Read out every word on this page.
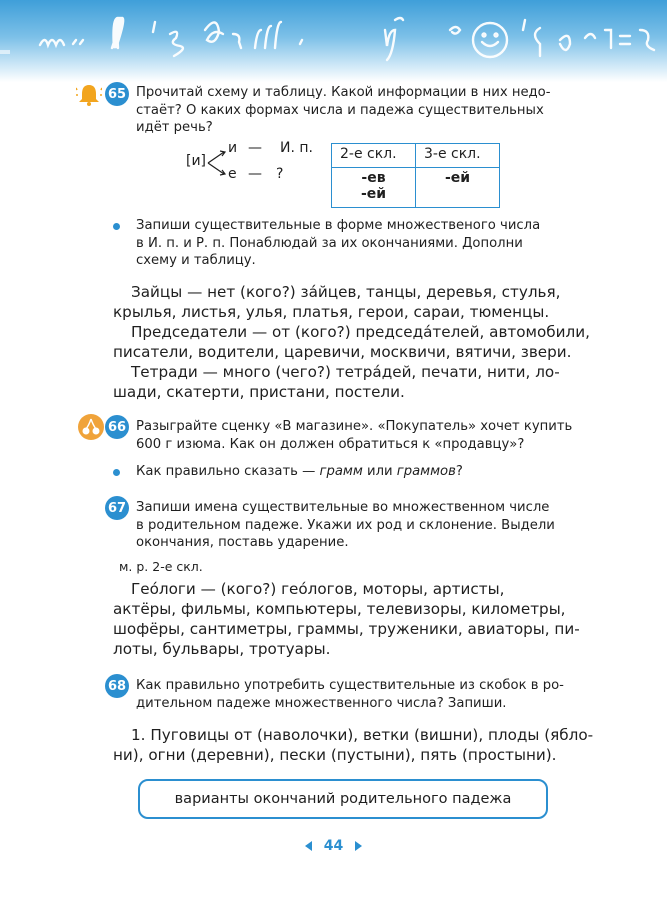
65 Прочитай схему и таблицу. Какой информации в них недо-
стаёт? О каких формах числа и падежа существительных
идёт речь?
[и]
и — И. п.
е — ?
2-е скл.	3-е скл.

-ев
-ей	-ей
Запиши существительные в форме множественого числа
в И. п. и Р. п. Понаблюдай за их окончаниями. Дополни
схему и таблицу.
Зайцы — нет (кого?) за́йцев, танцы, деревья, стулья,
крылья, листья, улья, платья, герои, сараи, тюменцы.
Председатели — от (кого?) председа́телей, автомобили,
писатели, водители, царевичи, москвичи, вятичи, звери.
Тетради — много (чего?) тетра́дей, печати, нити, ло-
шади, скатерти, пристани, постели.
66 Разыграйте сценку «В магазине». «Покупатель» хочет купить
600 г изюма. Как он должен обратиться к «продавцу»?
Как правильно сказать — грамм или граммов?
67 Запиши имена существительные во множественном числе
в родительном падеже. Укажи их род и склонение. Выдели
окончания, поставь ударение.
м. р. 2-е скл.
Гео́логи — (кого?) гео́логов, моторы, артисты,
актёры, фильмы, компьютеры, телевизоры, километры,
шофёры, сантиметры, граммы, труженики, авиаторы, пи-
лоты, бульвары, тротуары.
68 Как правильно употребить существительные из скобок в ро-
дительном падеже множественного числа? Запиши.
1. Пуговицы от (наволочки), ветки (вишни), плоды (ябло-
ни), огни (деревни), пески (пустыни), пять (простыни).
варианты окончаний родительного падежа
44
